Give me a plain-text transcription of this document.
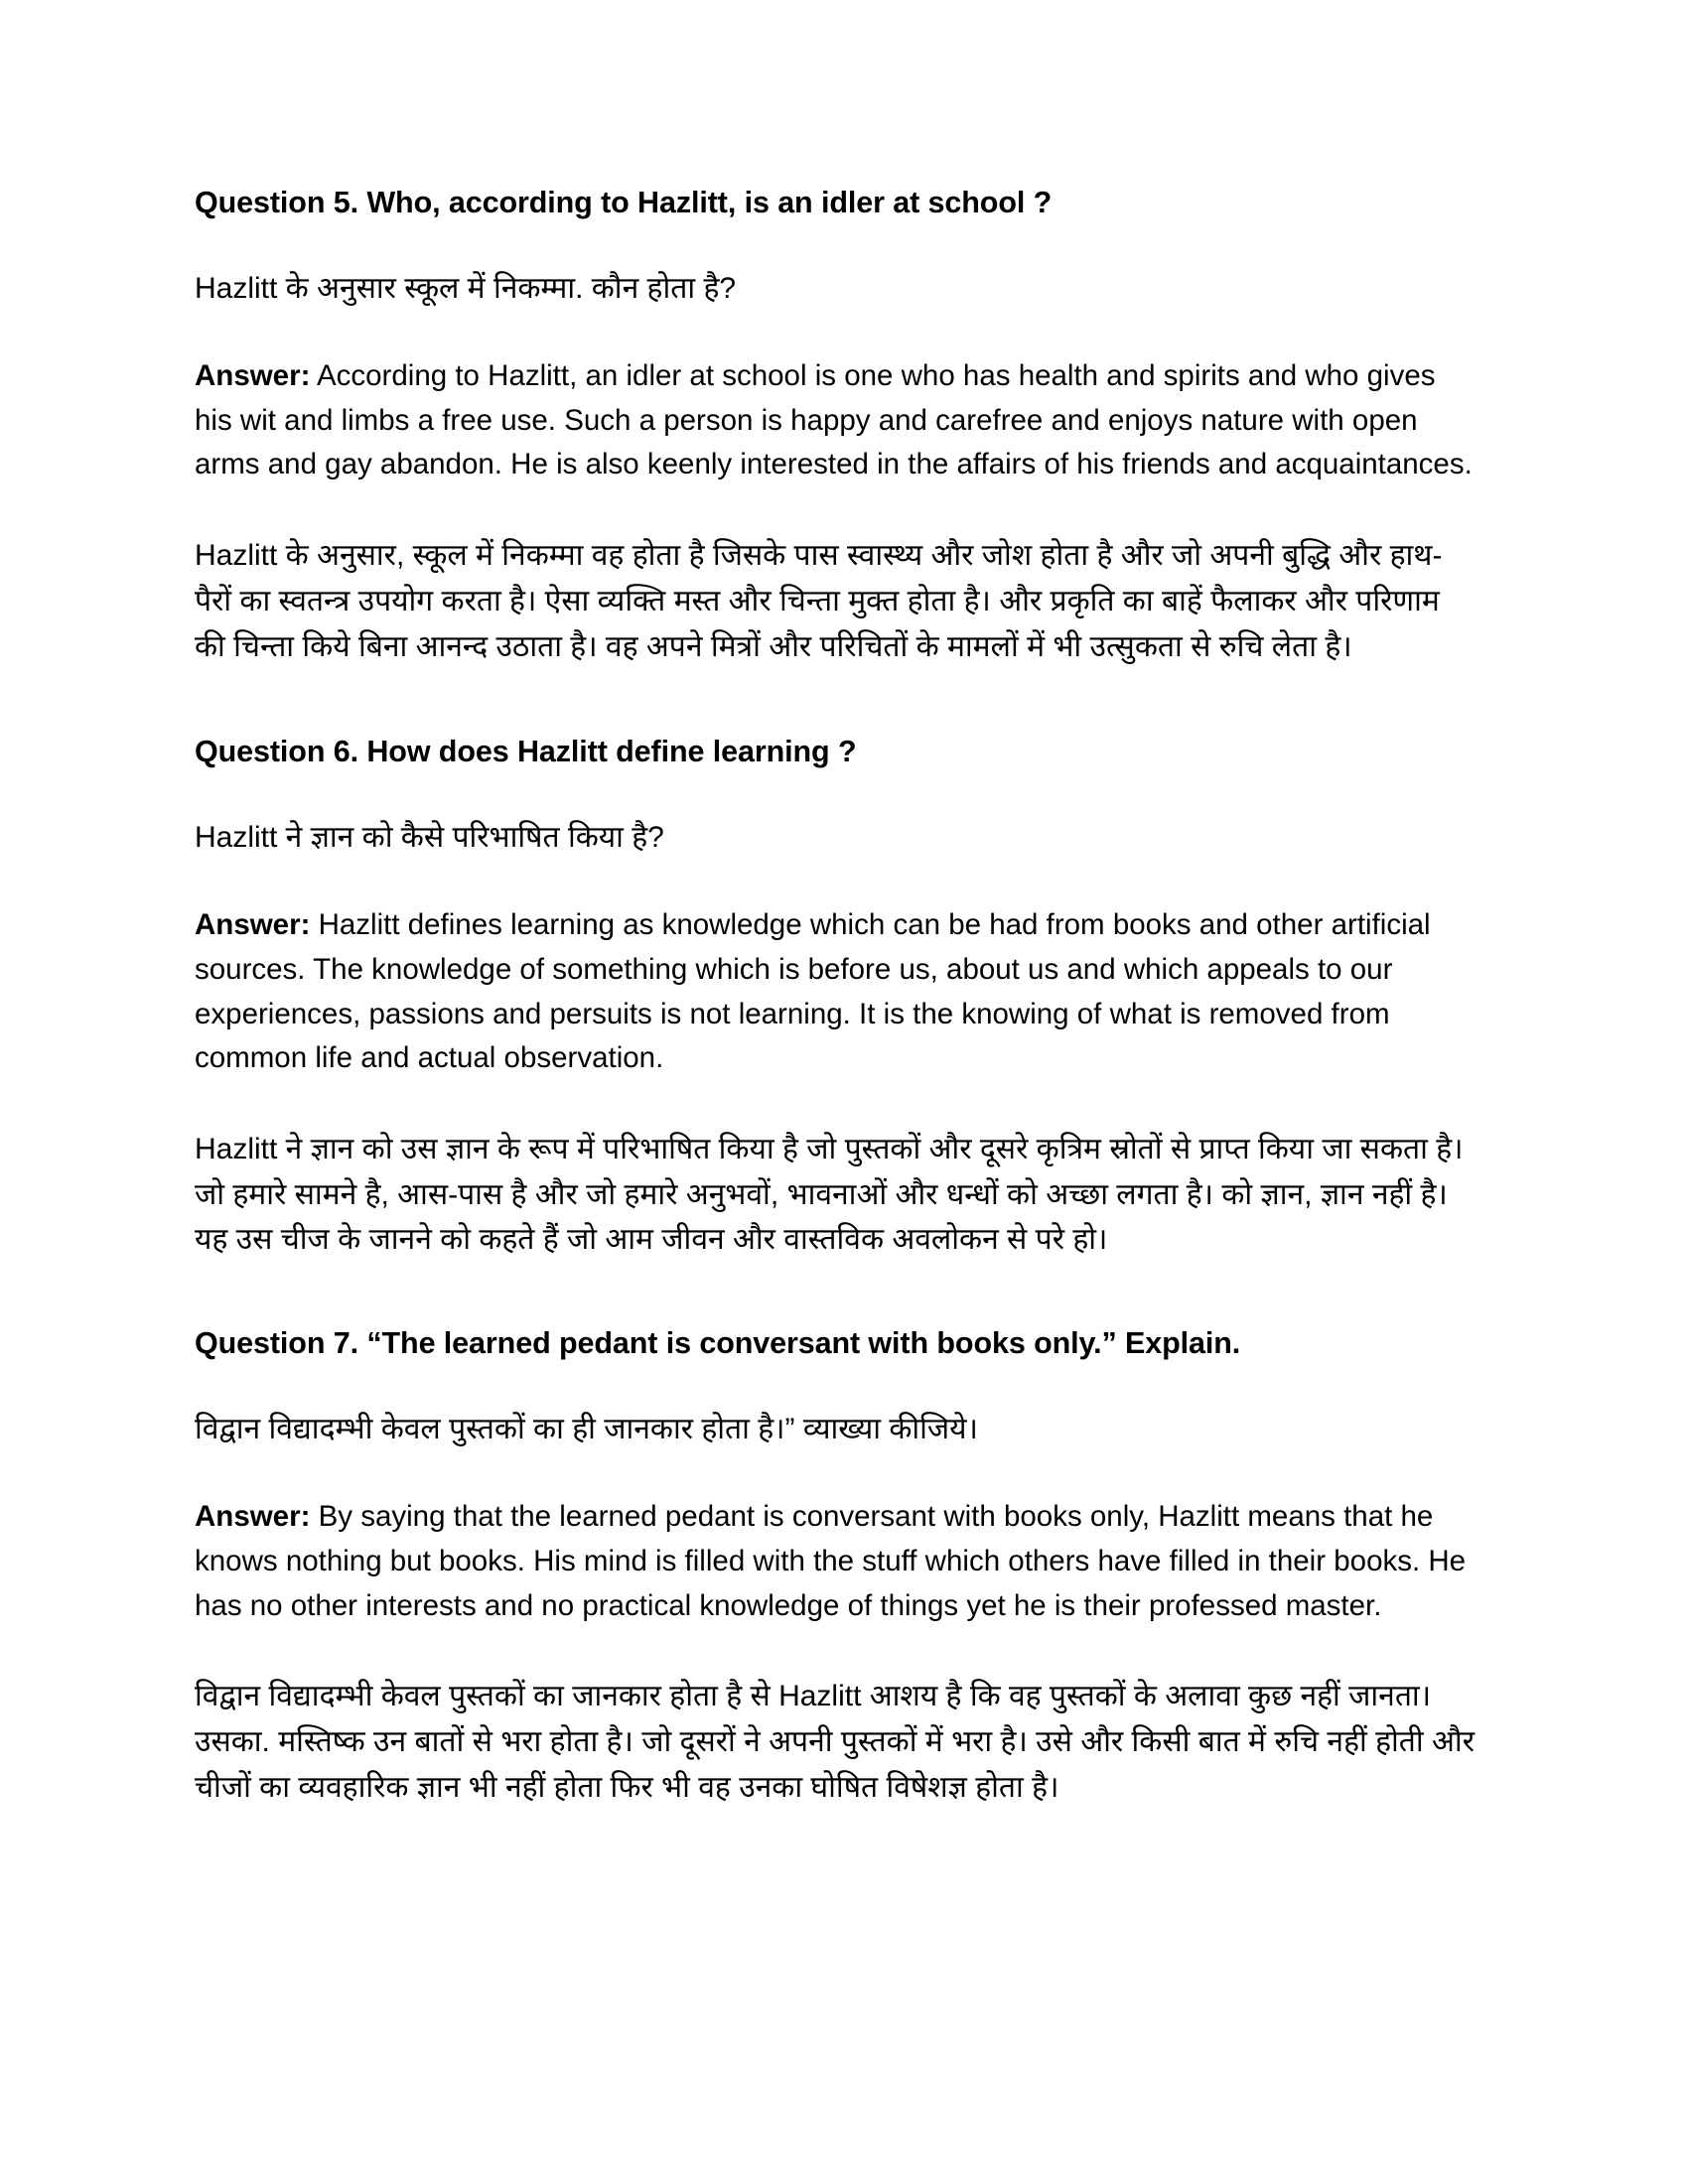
Question 5. Who, according to Hazlitt, is an idler at school ?

Hazlitt के अनुसार स्कूल में निकम्मा. कौन होता है?

Answer: According to Hazlitt, an idler at school is one who has health and spirits and who gives his wit and limbs a free use. Such a person is happy and carefree and enjoys nature with open arms and gay abandon. He is also keenly interested in the affairs of his friends and acquaintances.

Hazlitt के अनुसार, स्कूल में निकम्मा वह होता है जिसके पास स्वास्थ्य और जोश होता है और जो अपनी बुद्धि और हाथ-पैरों का स्वतन्त्र उपयोग करता है। ऐसा व्यक्ति मस्त और चिन्ता मुक्त होता है। और प्रकृति का बाहें फैलाकर और परिणाम की चिन्ता किये बिना आनन्द उठाता है। वह अपने मित्रों और परिचितों के मामलों में भी उत्सुकता से रुचि लेता है।

Question 6. How does Hazlitt define learning ?

Hazlitt ने ज्ञान को कैसे परिभाषित किया है?

Answer: Hazlitt defines learning as knowledge which can be had from books and other artificial sources. The knowledge of something which is before us, about us and which appeals to our experiences, passions and persuits is not learning. It is the knowing of what is removed from common life and actual observation.

Hazlitt ने ज्ञान को उस ज्ञान के रूप में परिभाषित किया है जो पुस्तकों और दूसरे कृत्रिम स्रोतों से प्राप्त किया जा सकता है। जो हमारे सामने है, आस-पास है और जो हमारे अनुभवों, भावनाओं और धन्धों को अच्छा लगता है। को ज्ञान, ज्ञान नहीं है। यह उस चीज के जानने को कहते हैं जो आम जीवन और वास्तविक अवलोकन से परे हो।

Question 7. “The learned pedant is conversant with books only.” Explain.

विद्वान विद्यादम्भी केवल पुस्तकों का ही जानकार होता है।” व्याख्या कीजिये।

Answer: By saying that the learned pedant is conversant with books only, Hazlitt means that he knows nothing but books. His mind is filled with the stuff which others have filled in their books. He has no other interests and no practical knowledge of things yet he is their professed master.

विद्वान विद्यादम्भी केवल पुस्तकों का जानकार होता है से Hazlitt आशय है कि वह पुस्तकों के अलावा कुछ नहीं जानता। उसका. मस्तिष्क उन बातों से भरा होता है। जो दूसरों ने अपनी पुस्तकों में भरा है। उसे और किसी बात में रुचि नहीं होती और चीजों का व्यवहारिक ज्ञान भी नहीं होता फिर भी वह उनका घोषित विषेशज्ञ होता है।
